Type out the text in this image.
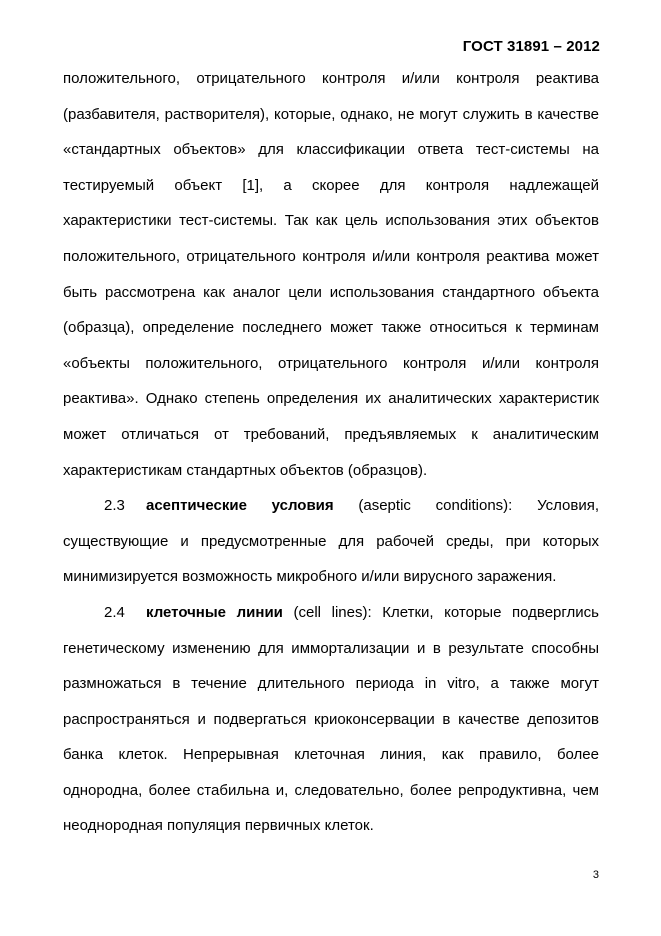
ГОСТ 31891 – 2012

положительного, отрицательного контроля и/или контроля реактива (разбавителя, растворителя), которые, однако, не могут служить в качестве «стандартных объектов» для классификации ответа тест-системы на тестируемый объект [1], а скорее для контроля надлежащей характеристики тест-системы. Так как цель использования этих объектов положительного, отрицательного контроля и/или контроля реактива может быть рассмотрена как аналог цели использования стандартного объекта (образца), определение последнего может также относиться к терминам «объекты положительного, отрицательного контроля и/или контроля реактива». Однако степень определения их аналитических характеристик может отличаться от требований, предъявляемых к аналитическим характеристикам стандартных объектов (образцов).

2.3 асептические условия (aseptic conditions): Условия, существующие и предусмотренные для рабочей среды, при которых минимизируется возможность микробного и/или вирусного заражения.

2.4 клеточные линии (cell lines): Клетки, которые подверглись генетическому изменению для иммортализации и в результате способны размножаться в течение длительного периода in vitro, а также могут распространяться и подвергаться криоконсервации в качестве депозитов банка клеток. Непрерывная клеточная линия, как правило, более однородна, более стабильна и, следовательно, более репродуктивна, чем неоднородная популяция первичных клеток.

3
